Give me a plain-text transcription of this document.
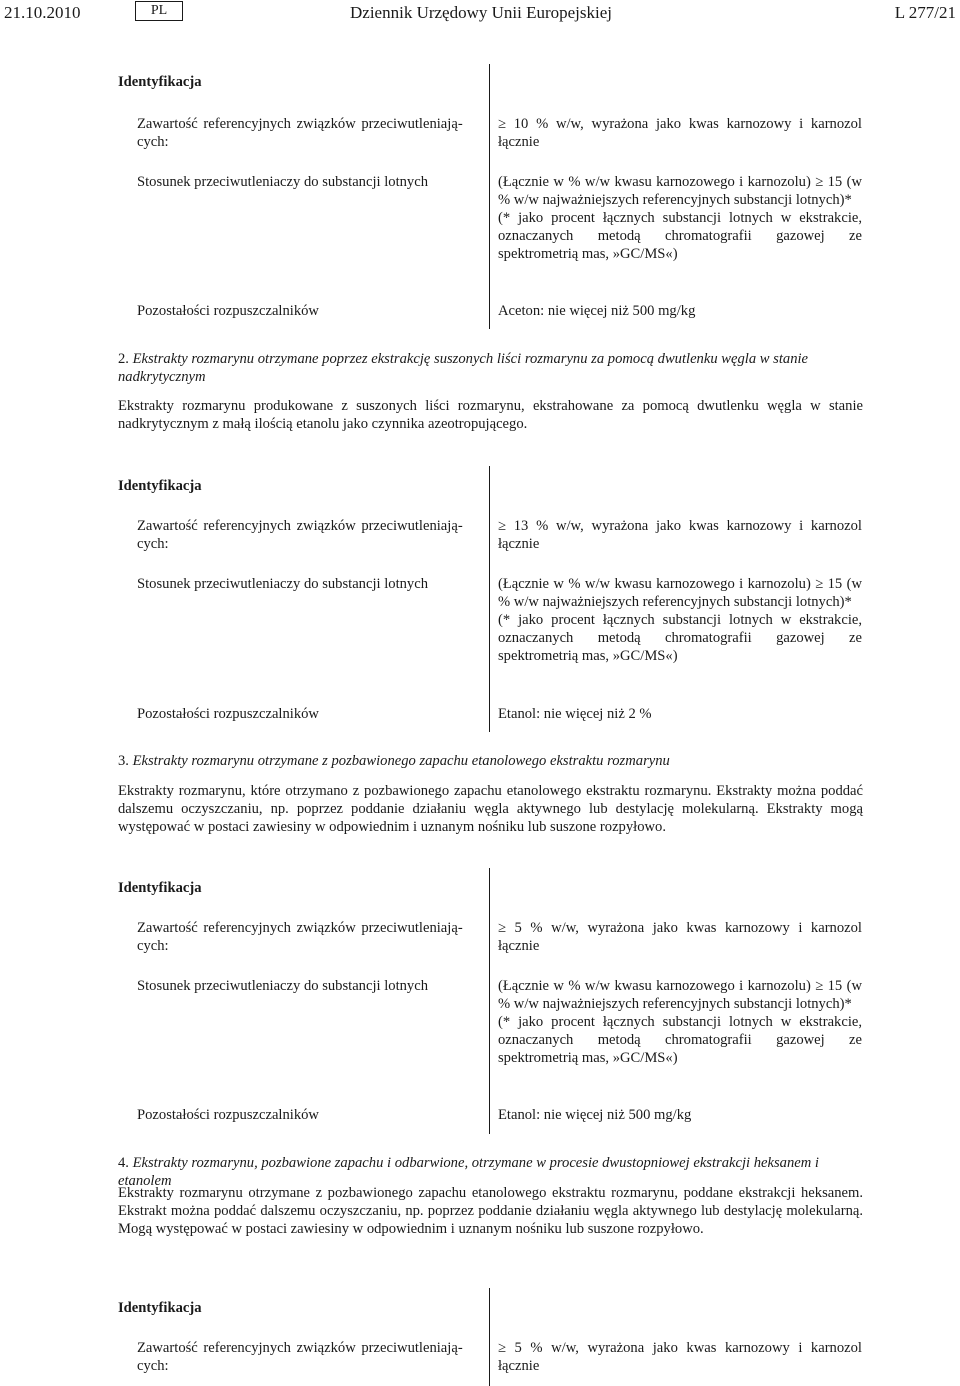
21.10.2010	PL	Dziennik Urzędowy Unii Europejskiej	L 277/21
Identyfikacja
Zawartość referencyjnych związków przeciwutleniają-cych:
≥ 10 % w/w, wyrażona jako kwas karnozowy i karnozol łącznie
Stosunek przeciwutleniaczy do substancji lotnych	(Łącznie w % w/w kwasu karnozowego i karnozolu) ≥ 15 (w % w/w najważniejszych referencyjnych substancji lotnych)*
(* jako procent łącznych substancji lotnych w ekstrakcie, oznaczanych metodą chromatografii gazowej ze spektrometrią mas, »GC/MS«)
Pozostałości rozpuszczalników	Aceton: nie więcej niż 500 mg/kg
2. Ekstrakty rozmarynu otrzymane poprzez ekstrakcję suszonych liści rozmarynu za pomocą dwutlenku węgla w stanie nadkrytycznym
Ekstrakty rozmarynu produkowane z suszonych liści rozmarynu, ekstrahowane za pomocą dwutlenku węgla w stanie nadkrytycznym z małą ilością etanolu jako czynnika azeotropującego.
Identyfikacja
Zawartość referencyjnych związków przeciwutleniają-cych:
≥ 13 % w/w, wyrażona jako kwas karnozowy i karnozol łącznie
Stosunek przeciwutleniaczy do substancji lotnych	(Łącznie w % w/w kwasu karnozowego i karnozolu) ≥ 15 (w % w/w najważniejszych referencyjnych substancji lotnych)*
(* jako procent łącznych substancji lotnych w ekstrakcie, oznaczanych metodą chromatografii gazowej ze spektrometrią mas, »GC/MS«)
Pozostałości rozpuszczalników	Etanol: nie więcej niż 2 %
3. Ekstrakty rozmarynu otrzymane z pozbawionego zapachu etanolowego ekstraktu rozmarynu
Ekstrakty rozmarynu, które otrzymano z pozbawionego zapachu etanolowego ekstraktu rozmarynu. Ekstrakty można poddać dalszemu oczyszczaniu, np. poprzez poddanie działaniu węgla aktywnego lub destylację molekularną. Ekstrakty mogą występować w postaci zawiesiny w odpowiednim i uznanym nośniku lub suszone rozpyłowo.
Identyfikacja
Zawartość referencyjnych związków przeciwutleniają-cych:
≥ 5 % w/w, wyrażona jako kwas karnozowy i karnozol łącznie
Stosunek przeciwutleniaczy do substancji lotnych	(Łącznie w % w/w kwasu karnozowego i karnozolu) ≥ 15 (w % w/w najważniejszych referencyjnych substancji lotnych)*
(* jako procent łącznych substancji lotnych w ekstrakcie, oznaczanych metodą chromatografii gazowej ze spektrometrią mas, »GC/MS«)
Pozostałości rozpuszczalników	Etanol: nie więcej niż 500 mg/kg
4. Ekstrakty rozmarynu, pozbawione zapachu i odbarwione, otrzymane w procesie dwustopniowej ekstrakcji heksanem i etanolem
Ekstrakty rozmarynu otrzymane z pozbawionego zapachu etanolowego ekstraktu rozmarynu, poddane ekstrakcji heksanem. Ekstrakt można poddać dalszemu oczyszczaniu, np. poprzez poddanie działaniu węgla aktywnego lub destylację molekularną. Mogą występować w postaci zawiesiny w odpowiednim i uznanym nośniku lub suszone rozpyłowo.
Identyfikacja
Zawartość referencyjnych związków przeciwutleniają-cych:
≥ 5 % w/w, wyrażona jako kwas karnozowy i karnozol łącznie
